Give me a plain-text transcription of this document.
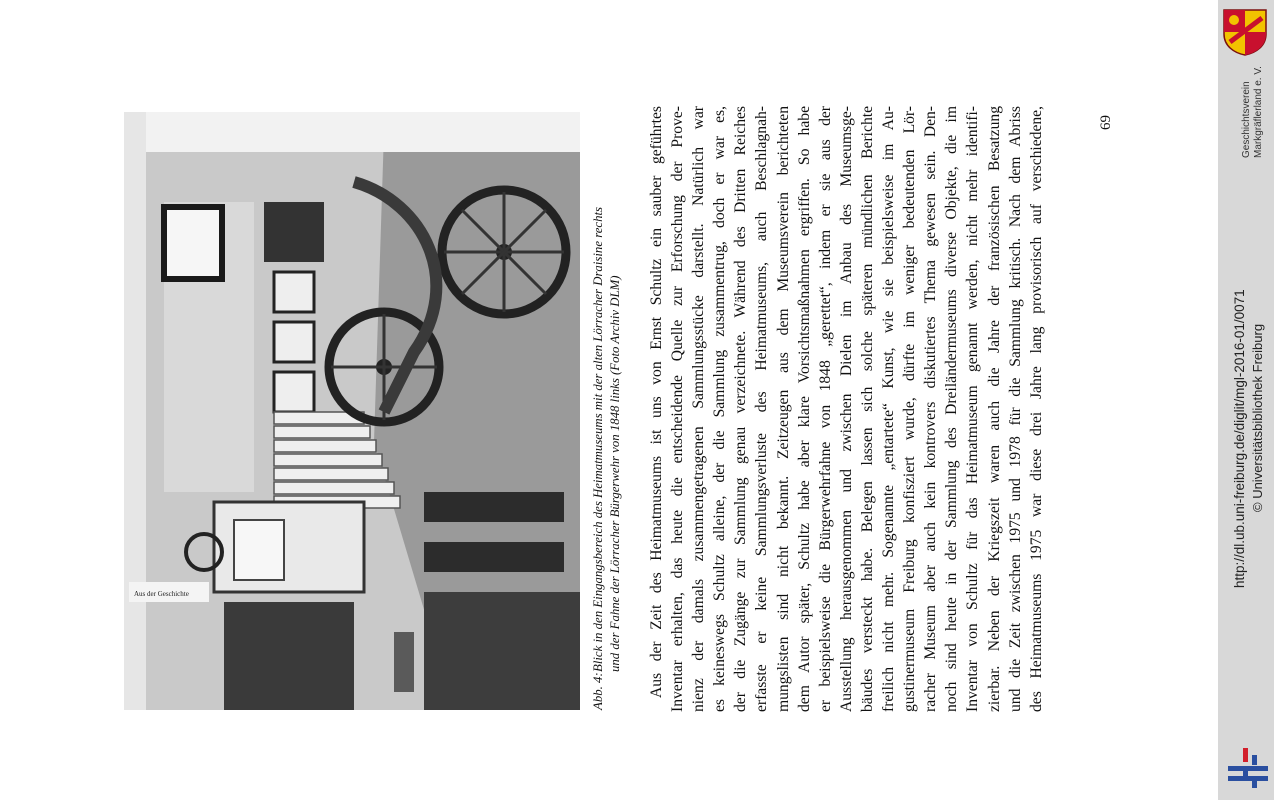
Aus der Geschichte
Abb. 4:Blick in den Eingangsbereich des Heimatmuseums mit der alten Lörracher Draisine rechts und der Fahne der Lörracher Bürgerwehr von 1848 links (Foto Archiv DLM) Aus der Zeit des Heimatmuseums ist uns von Ernst Schultz ein sauber geführtes Inventar erhalten, das heute die entscheidende Quelle zur Erforschung der Prove- nienz der damals zusammengetragenen Sammlungsstücke darstellt. Natürlich war es keineswegs Schultz alleine, der die Sammlung zusammentrug, doch er war es, der die Zugänge zur Sammlung genau verzeichnete. Während des Dritten Reiches erfasste er keine Sammlungsverluste des Heimatmuseums, auch Beschlagnah- mungslisten sind nicht bekannt. Zeitzeugen aus dem Museumsverein berichteten dem Autor später, Schultz habe aber klare Vorsichtsmaßnahmen ergriffen. So habe er beispielsweise die Bürgerwehrfahne von 1848 „gerettet“, indem er sie aus der Ausstellung herausgenommen und zwischen Dielen im Anbau des Museumsge- bäudes versteckt habe. Belegen lassen sich solche späteren mündlichen Berichte freilich nicht mehr. Sogenannte „entartete“ Kunst, wie sie beispielsweise im Au- gustinermuseum Freiburg konfisziert wurde, dürfte im weniger bedeutenden Lör- racher Museum aber auch kein kontrovers diskutiertes Thema gewesen sein. Den- noch sind heute in der Sammlung des Dreiländermuseums diverse Objekte, die im Inventar von Schultz für das Heimatmuseum genannt werden, nicht mehr identifi- zierbar. Neben der Kriegszeit waren auch die Jahre der französischen Besatzung und die Zeit zwischen 1975 und 1978 für die Sammlung kritisch. Nach dem Abriss des Heimatmuseums 1975 war diese drei Jahre lang provisorisch auf verschiedene,	69	Geschichtsverein Markgräflerland e. V.
http://dl.ub.uni-freiburg.de/diglit/mgl-2016-01/0071 © Universitätsbibliothek Freiburg
